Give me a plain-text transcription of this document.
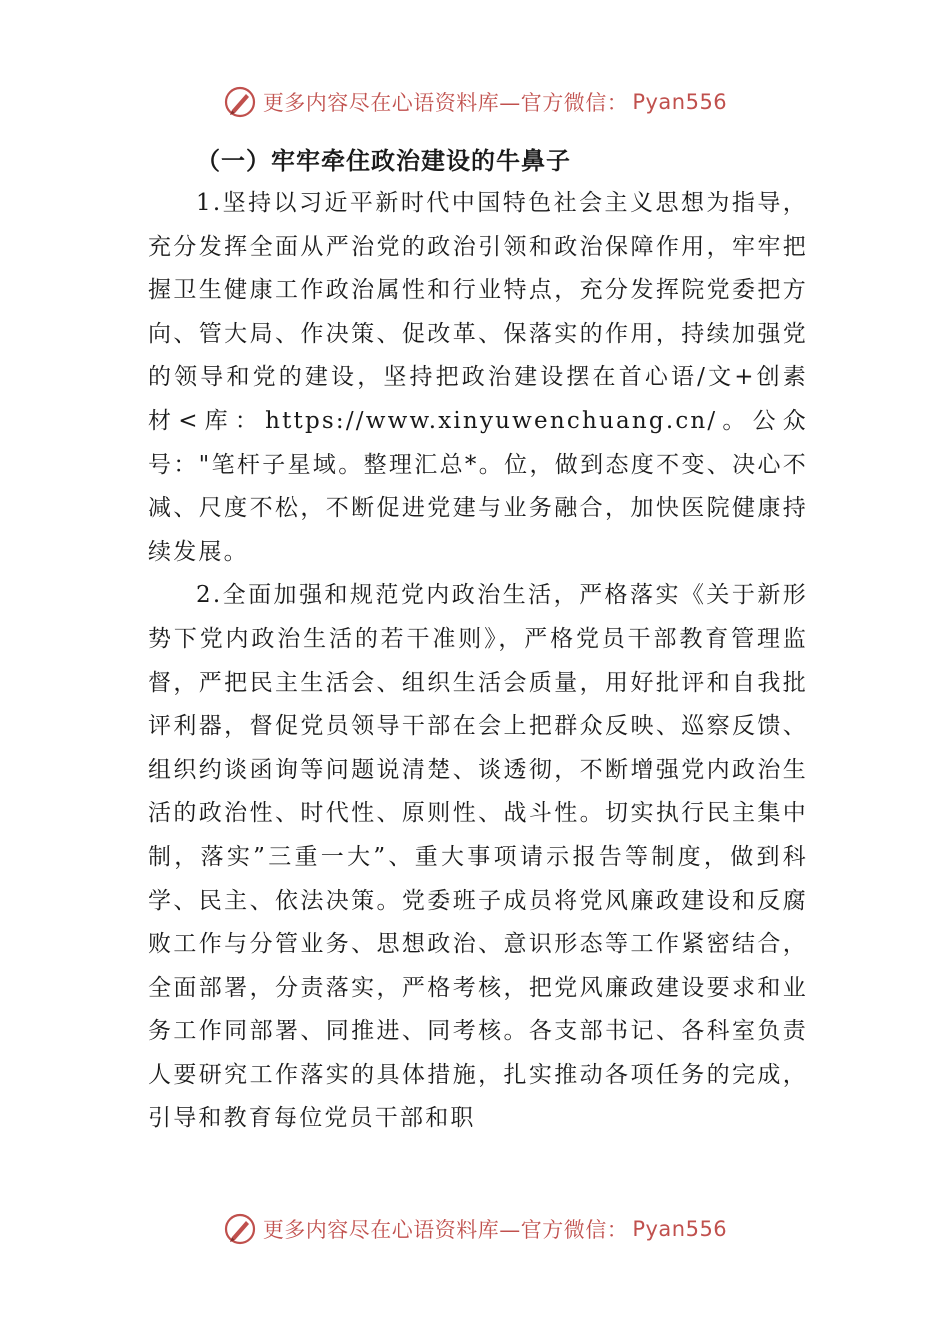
更多内容尽在心语资料库—官方微信： Pyan556
（一）牢牢牵住政治建设的牛鼻子

1.坚持以习近平新时代中国特色社会主义思想为指导，充分发挥全面从严治党的政治引领和政治保障作用，牢牢把握卫生健康工作政治属性和行业特点，充分发挥院党委把方向、管大局、作决策、促改革、保落实的作用，持续加强党的领导和党的建设，坚持把政治建设摆在首心语/文+创素材<库：https://www.xinyuwenchuang.cn/。公众号："笔杆子星域。整理汇总*。位，做到态度不变、决心不减、尺度不松，不断促进党建与业务融合，加快医院健康持续发展。

2.全面加强和规范党内政治生活，严格落实《关于新形势下党内政治生活的若干准则》，严格党员干部教育管理监督，严把民主生活会、组织生活会质量，用好批评和自我批评利器，督促党员领导干部在会上把群众反映、巡察反馈、组织约谈函询等问题说清楚、谈透彻，不断增强党内政治生活的政治性、时代性、原则性、战斗性。切实执行民主集中制，落实”三重一大”、重大事项请示报告等制度，做到科学、民主、依法决策。党委班子成员将党风廉政建设和反腐败工作与分管业务、思想政治、意识形态等工作紧密结合，全面部署，分责落实，严格考核，把党风廉政建设要求和业务工作同部署、同推进、同考核。各支部书记、各科室负责人要研究工作落实的具体措施，扎实推动各项任务的完成，引导和教育每位党员干部和职

更多内容尽在心语资料库—官方微信： Pyan556
